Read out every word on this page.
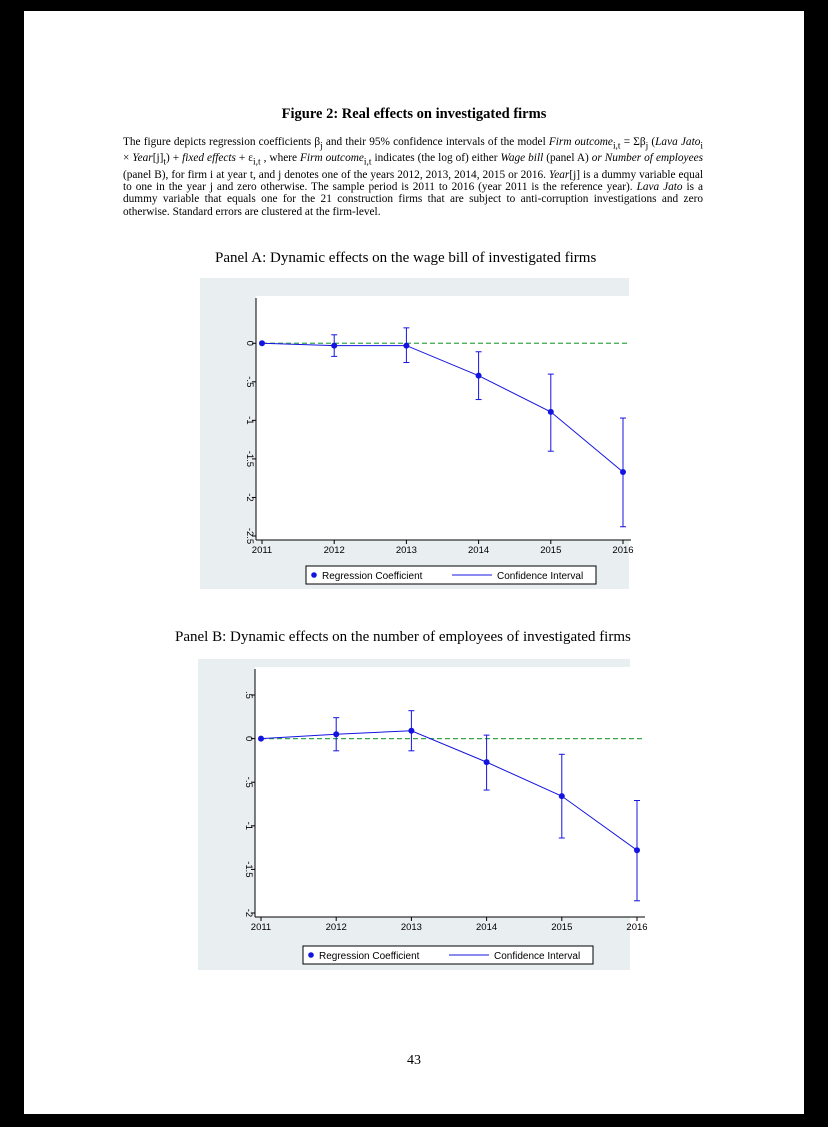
Figure 2: Real effects on investigated firms
The figure depicts regression coefficients $\beta_j$ and their 95% confidence intervals of the model Firm outcome$_{i,t}$ = $\Sigma\beta_j$ (Lava Jato$_i$ × $Year[j]_t$) + fixed effects + $\varepsilon_{i,t}$ , where Firm outcome$_{i,t}$ indicates (the log of) either Wage bill (panel A) or Number of employees (panel B), for firm i at year t, and j denotes one of the years 2012, 2013, 2014, 2015 or 2016. Year[j] is a dummy variable equal to one in the year j and zero otherwise. The sample period is 2011 to 2016 (year 2011 is the reference year). Lava Jato is a dummy variable that equals one for the 21 construction firms that are subject to anti-corruption investigations and zero otherwise. Standard errors are clustered at the firm-level.
Panel A: Dynamic effects on the wage bill of investigated firms
0
-.5
-1
-1.5
-2
-2.5
2011	2012	2013	2014	2015	2016
Regression Coefficient	Confidence Interval
Panel B: Dynamic effects on the number of employees of investigated firms
.5
0
-.5
-1
-1.5
-2
2011	2012	2013	2014	2015	2016
Regression Coefficient	Confidence Interval
43
